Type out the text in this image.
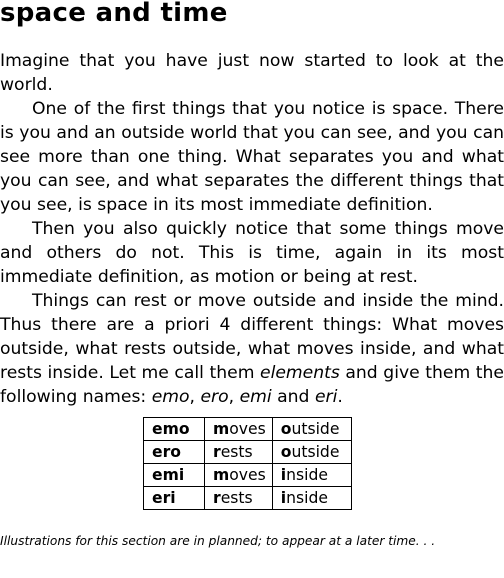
space and time

Imagine that you have just now started to look at the world.

One of the first things that you notice is space. There is you and an outside world that you can see, and you can see more than one thing. What separates you and what you can see, and what separates the different things that you see, is space in its most immediate definition.

Then you also quickly notice that some things move and others do not. This is time, again in its most immediate definition, as motion or being at rest.

Things can rest or move outside and inside the mind. Thus there are a priori 4 different things: What moves outside, what rests outside, what moves inside, and what rests inside. Let me call them elements and give them the following names: emo, ero, emi and eri.

emo	moves	outside
ero	rests	outside
emi	moves	inside
eri	rests	inside
Illustrations for this section are in planned; to appear at a later time. . .
